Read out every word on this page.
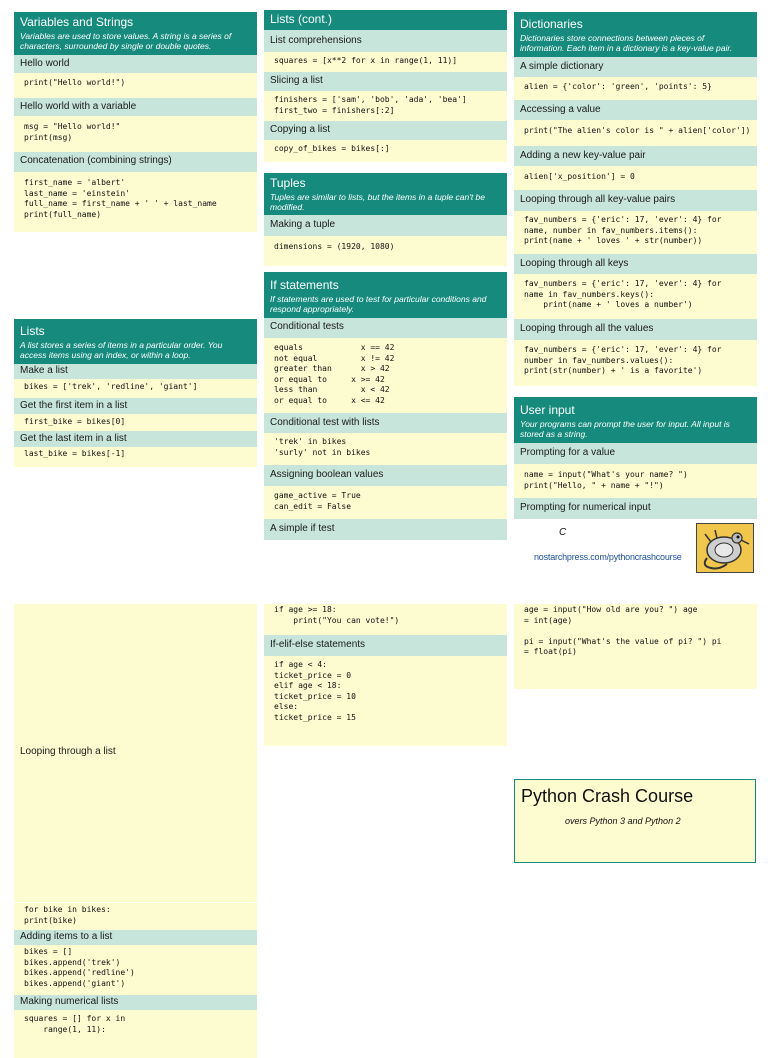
Variables and Strings
Variables are used to store values. A string is a series of characters, surrounded by single or double quotes.
Hello world
print("Hello world!")
Hello world with a variable
msg = "Hello world!"
print(msg)
Concatenation (combining strings)
first_name = 'albert'
last_name = 'einstein'
full_name = first_name + ' ' + last_name
print(full_name)
Lists
A list stores a series of items in a particular order. You access items using an index, or within a loop.
Make a list
bikes = ['trek', 'redline', 'giant']
Get the first item in a list
first_bike = bikes[0]
Get the last item in a list
last_bike = bikes[-1]
Looping through a list
for bike in bikes:
print(bike)
Adding items to a list
bikes = []
bikes.append('trek')
bikes.append('redline')
bikes.append('giant')
Making numerical lists
squares = [] for x in
range(1, 11):
Lists (cont.)
List comprehensions
squares = [x**2 for x in range(1, 11)]
Slicing a list
finishers = ['sam', 'bob', 'ada', 'bea']
first_two = finishers[:2]
Copying a list
copy_of_bikes = bikes[:]
Tuples
Tuples are similar to lists, but the items in a tuple can't be modified.
Making a tuple
dimensions = (1920, 1080)
If statements
If statements are used to test for particular conditions and respond appropriately.
Conditional tests
equals            x == 42
not equal         x != 42
greater than      x > 42
or equal to     x >= 42
less than         x < 42
or equal to     x <= 42
Conditional test with lists
'trek' in bikes
'surly' not in bikes
Assigning boolean values
game_active = True
can_edit = False
A simple if test
if age >= 18:
print("You can vote!")
If-elif-else statements
if age < 4:
ticket_price = 0
elif age < 18:
ticket_price = 10
else:
ticket_price = 15
Dictionaries
Dictionaries store connections between pieces of information. Each item in a dictionary is a key-value pair.
A simple dictionary
alien = {'color': 'green', 'points': 5}
Accessing a value
print("The alien's color is " + alien['color'])
Adding a new key-value pair
alien['x_position'] = 0
Looping through all key-value pairs
fav_numbers = {'eric': 17, 'ever': 4} for
name, number in fav_numbers.items():
print(name + ' loves ' + str(number))
Looping through all keys
fav_numbers = {'eric': 17, 'ever': 4} for
name in fav_numbers.keys():
print(name + ' loves a number')
Looping through all the values
fav_numbers = {'eric': 17, 'ever': 4} for
number in fav_numbers.values():
print(str(number) + ' is a favorite')
User input
Your programs can prompt the user for input. All input is stored as a string.
Prompting for a value
name = input("What's your name? ")
print("Hello, " + name + "!")
Prompting for numerical input
C
nostarchpress.com/pythoncrashcourse
age = input("How old are you? ") age
= int(age)

pi = input("What's the value of pi? ") pi
= float(pi)
Python Crash Course
overs Python 3 and Python 2
